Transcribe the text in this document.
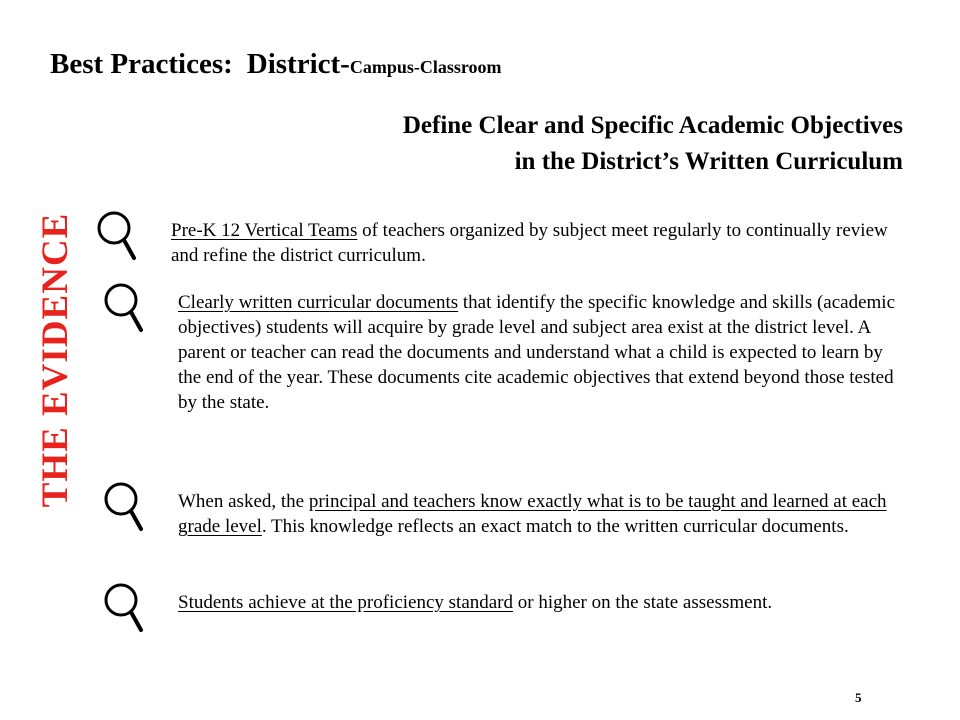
Best Practices: District-Campus-Classroom
Define Clear and Specific Academic Objectives
in the District’s Written Curriculum
THE EVIDENCE	Pre-K 12 Vertical Teams of teachers organized by subject meet regularly to continually review and refine the district curriculum.

Clearly written curricular documents that identify the specific knowledge and skills (academic objectives) students will acquire by grade level and subject area exist at the district level. A parent or teacher can read the documents and understand what a child is expected to learn by the end of the year. These documents cite academic objectives that extend beyond those tested by the state.

When asked, the principal and teachers know exactly what is to be taught and learned at each grade level. This knowledge reflects an exact match to the written curricular documents.

Students achieve at the proficiency standard or higher on the state assessment.

5
